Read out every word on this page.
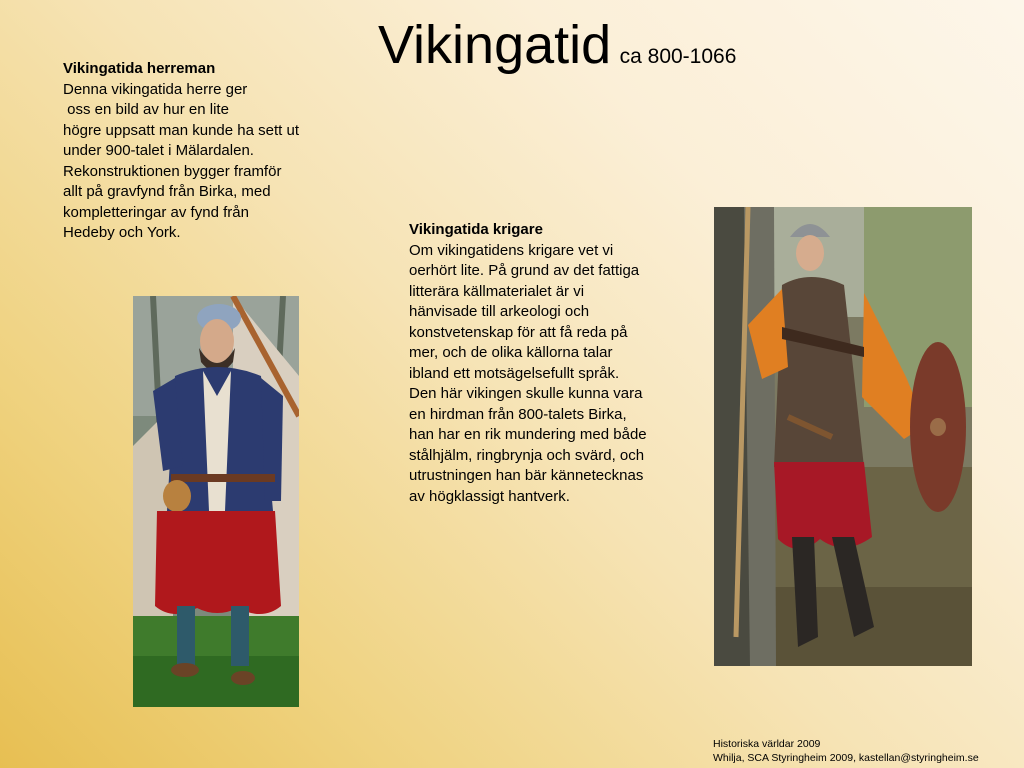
Vikingatid ca 800-1066
Vikingatida herreman
Denna vikingatida herre ger
oss en bild av hur en lite
högre uppsatt man kunde ha sett ut
under 900-talet i Mälardalen.
Rekonstruktionen bygger framför
allt på gravfynd från Birka, med
kompletteringar av fynd från
Hedeby och York.	Vikingatida krigare
Om vikingatidens krigare vet vi
oerhört lite. På grund av det fattiga
litterära källmaterialet är vi
hänvisade till arkeologi och
konstvetenskap för att få reda på
mer, och de olika källorna talar
ibland ett motsägelsefullt språk.
Den här vikingen skulle kunna vara
en hirdman från 800-talets Birka,
han har en rik mundering med både
stålhjälm, ringbrynja och svärd, och
utrustningen han bär kännetecknas
av högklassigt hantverk.
Historiska världar 2009
Whilja, SCA Styringheim 2009, kastellan@styringheim.se
